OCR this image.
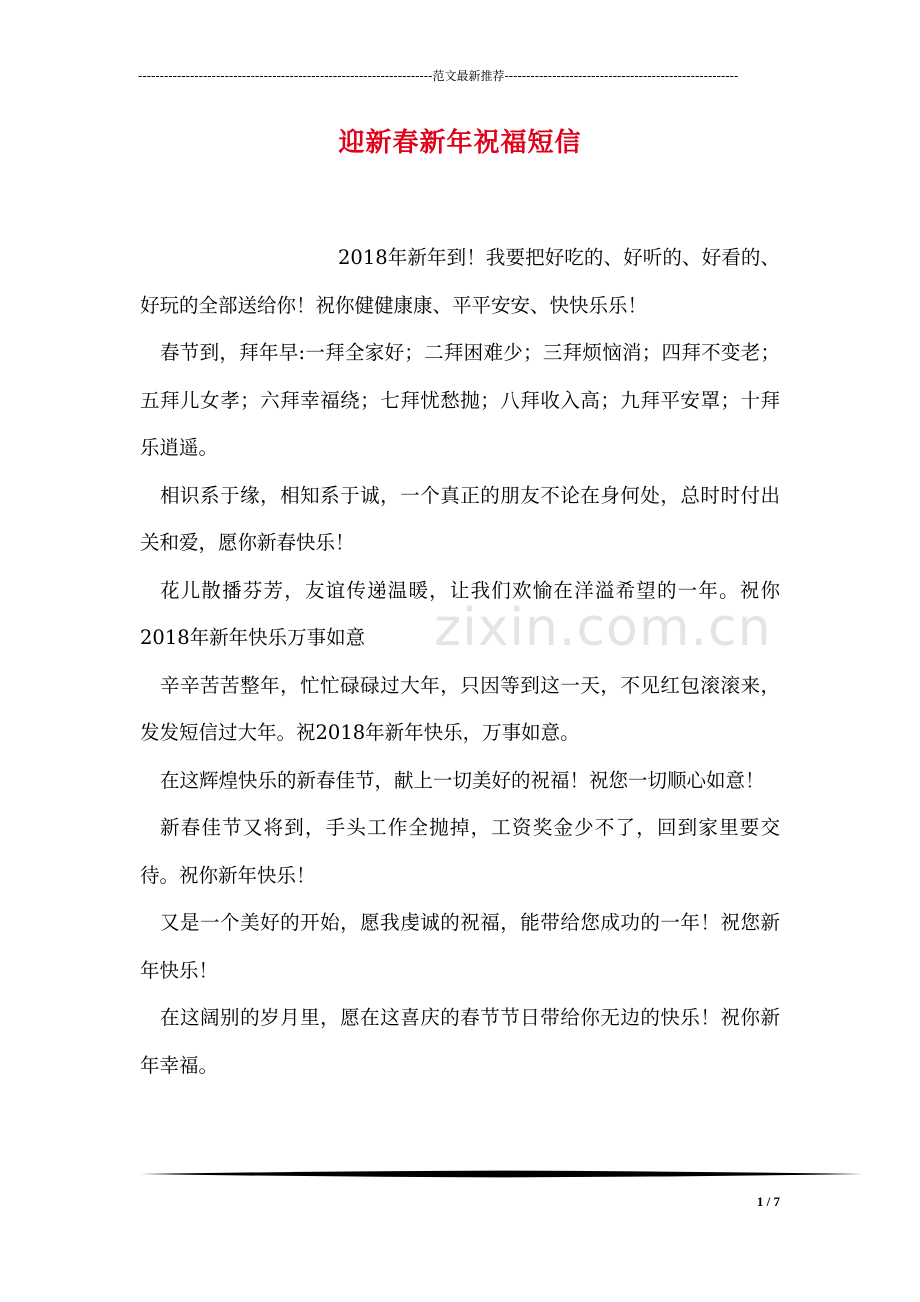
--------------------------------------------------------------------范文最新推荐------------------------------------------------------
迎新春新年祝福短信
zixin.com.cn

2018年新年到！我要把好吃的、好听的、好看的、好玩的全部送给你！祝你健健康康、平平安安、快快乐乐！

春节到，拜年早:一拜全家好；二拜困难少；三拜烦恼消；四拜不变老；五拜儿女孝；六拜幸福绕；七拜忧愁抛；八拜收入高；九拜平安罩；十拜乐逍遥。

相识系于缘，相知系于诚，一个真正的朋友不论在身何处，总时时付出关和爱，愿你新春快乐！

花儿散播芬芳，友谊传递温暖，让我们欢愉在洋溢希望的一年。祝你2018年新年快乐万事如意

辛辛苦苦整年，忙忙碌碌过大年，只因等到这一天，不见红包滚滚来，发发短信过大年。祝2018年新年快乐，万事如意。

在这辉煌快乐的新春佳节，献上一切美好的祝福！祝您一切顺心如意！

新春佳节又将到，手头工作全抛掉，工资奖金少不了，回到家里要交待。祝你新年快乐！

又是一个美好的开始，愿我虔诚的祝福，能带给您成功的一年！祝您新年快乐！

在这阔别的岁月里，愿在这喜庆的春节节日带给你无边的快乐！祝你新年幸福。

1 / 7
